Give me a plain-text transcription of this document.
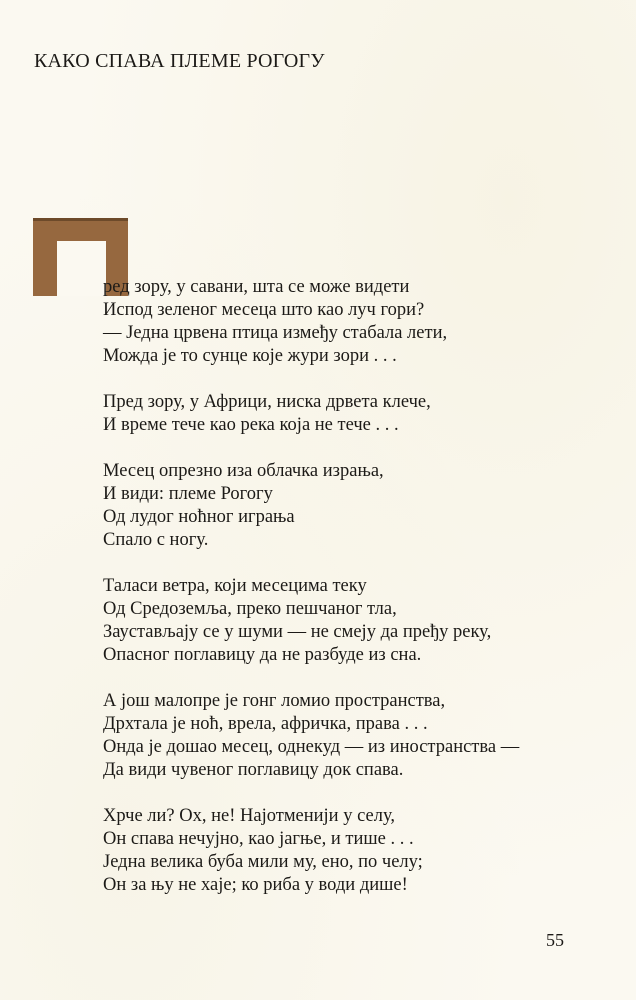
КАКО СПАВА ПЛЕМЕ РОГОГУ
ред зору, у савани, шта се може видети
Испод зеленог месеца што као луч гори?
— Једна црвена птица између стабала лети,
Можда је то сунце које жури зори . . .
Пред зору, у Африци, ниска дрвета клече,
И време тече као река која не тече . . .
Месец опрезно иза облачка израња,
И види: племе Рогогу
Од лудог ноћног играња
Спало с ногу.
Таласи ветра, који месецима теку
Од Средоземља, преко пешчаног тла,
Заустављају се у шуми — не смеју да пређу реку,
Опасног поглавицу да не разбуде из сна.
А још малопре је гонг ломио пространства,
Дрхтала је ноћ, врела, афричка, права . . .
Онда је дошао месец, однекуд — из иностранства —
Да види чувеног поглавицу док спава.
Хрче ли? Ох, не! Најотменији у селу,
Он спава нечујно, као јагње, и тише . . .
Једна велика буба мили му, ено, по челу;
Он за њу не хаје; ко риба у води дише!
55
